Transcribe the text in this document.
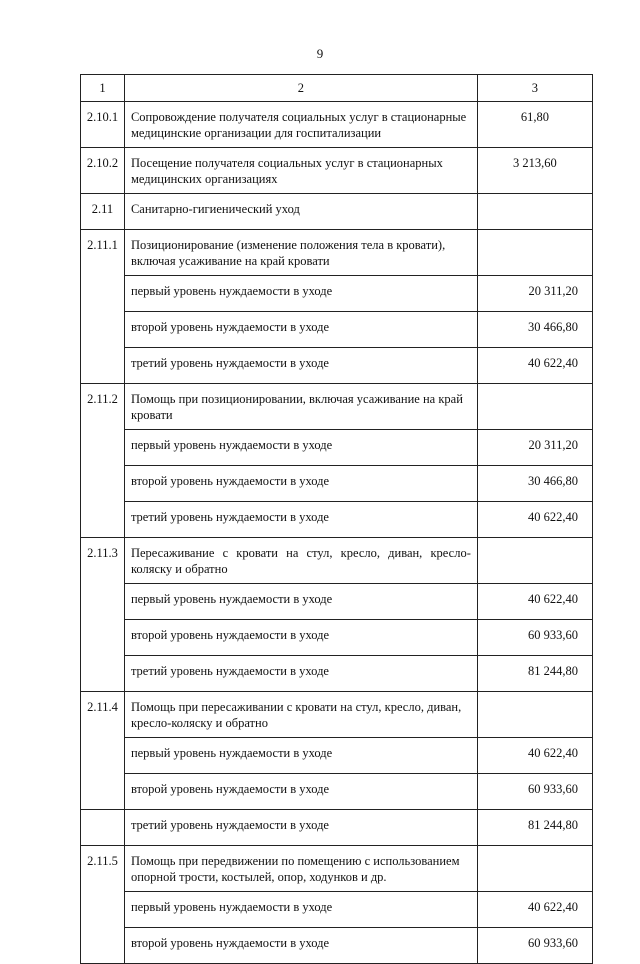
9
1	2	3
2.10.1	Сопровождение получателя социальных услуг в стационарные медицинские организации для госпитализации	61,80
2.10.2	Посещение получателя социальных услуг в стационарных медицинских организациях	3 213,60
2.11	Санитарно-гигиенический уход	
2.11.1	Позиционирование (изменение положения тела в кровати), включая усаживание на край кровати	
	первый уровень нуждаемости в уходе	20 311,20
	второй уровень нуждаемости в уходе	30 466,80
	третий уровень нуждаемости в уходе	40 622,40
2.11.2	Помощь при позиционировании, включая усаживание на край кровати	
	первый уровень нуждаемости в уходе	20 311,20
	второй уровень нуждаемости в уходе	30 466,80
	третий уровень нуждаемости в уходе	40 622,40
2.11.3	Пересаживание с кровати на стул, кресло, диван, кресло-коляску и обратно	
	первый уровень нуждаемости в уходе	40 622,40
	второй уровень нуждаемости в уходе	60 933,60
	третий уровень нуждаемости в уходе	81 244,80
2.11.4	Помощь при пересаживании с кровати на стул, кресло, диван, кресло-коляску и обратно	
	первый уровень нуждаемости в уходе	40 622,40
	второй уровень нуждаемости в уходе	60 933,60
	третий уровень нуждаемости в уходе	81 244,80
2.11.5	Помощь при передвижении по помещению с использованием опорной трости, костылей, опор, ходунков и др.	
	первый уровень нуждаемости в уходе	40 622,40
	второй уровень нуждаемости в уходе	60 933,60
